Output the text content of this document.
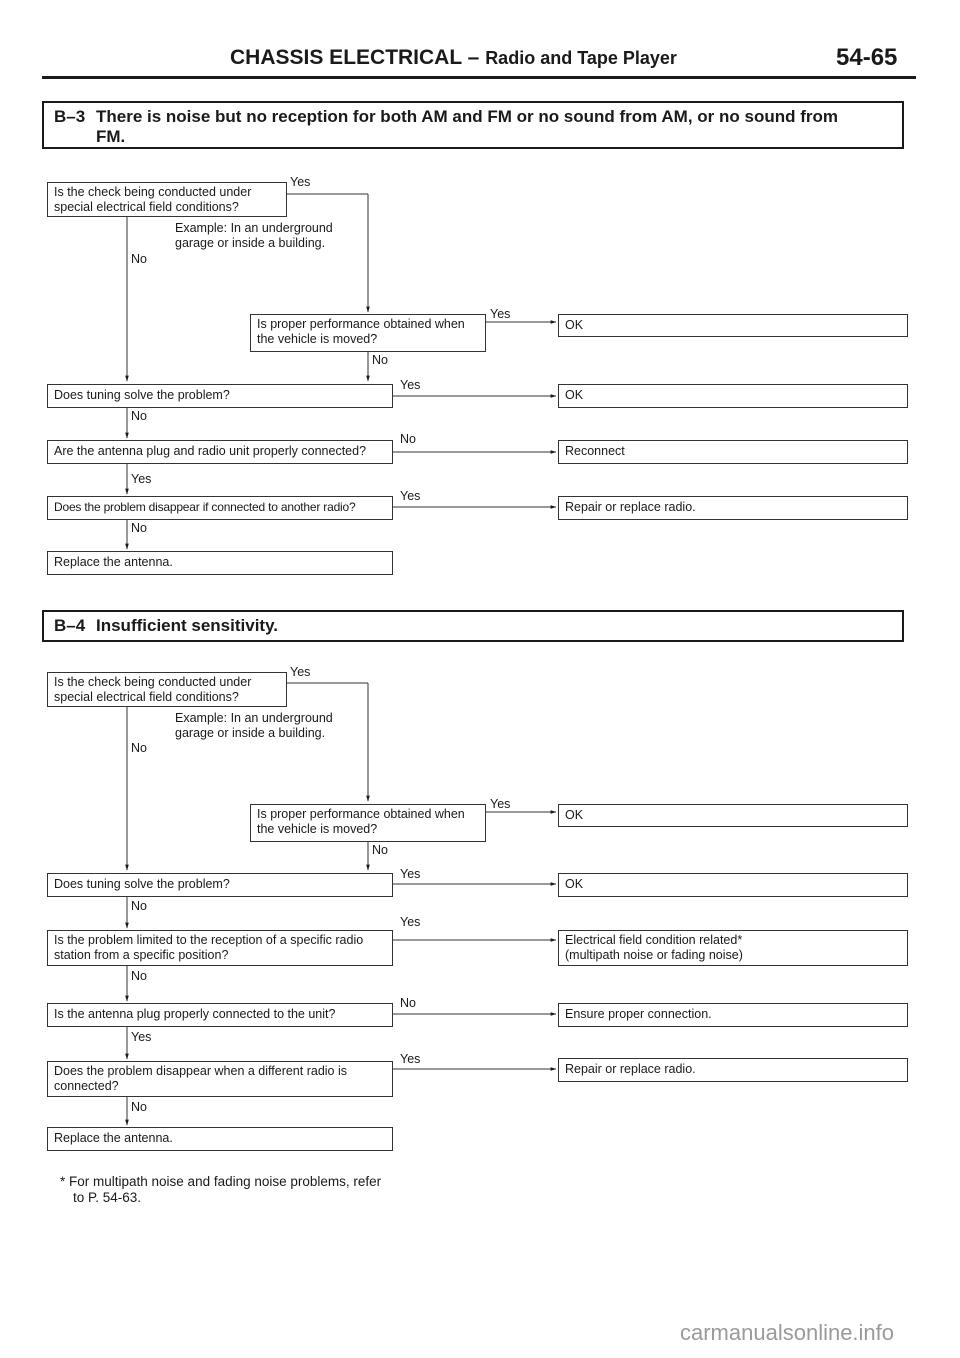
CHASSIS ELECTRICAL – Radio and Tape Player	54-65
B–3 There is noise but no reception for both AM and FM or no sound from AM, or no sound from
FM.
Is the check being conducted under
special electrical field conditions?
Yes
Example: In an underground
garage or inside a building.
No
Is proper performance obtained when
the vehicle is moved?
Yes
OK
No
Does tuning solve the problem?
Yes
OK
No
Are the antenna plug and radio unit properly connected?
No
Reconnect
Yes
Does the problem disappear if connected to another radio?
Yes
Repair or replace radio.
No
Replace the antenna.
B–4 Insufficient sensitivity.
Is the check being conducted under
special electrical field conditions?
Yes
Example: In an underground
garage or inside a building.
No
Is proper performance obtained when
the vehicle is moved?
Yes
OK
No
Does tuning solve the problem?
Yes
OK
No
Is the problem limited to the reception of a specific radio
station from a specific position?
Yes
Electrical field condition related*
(multipath noise or fading noise)
No
Is the antenna plug properly connected to the unit?
No
Ensure proper connection.
Yes
Does the problem disappear when a different radio is
connected?
Yes
Repair or replace radio.
No
Replace the antenna.
* For multipath noise and fading noise problems, refer
to P. 54-63.
carmanualsonline.info
